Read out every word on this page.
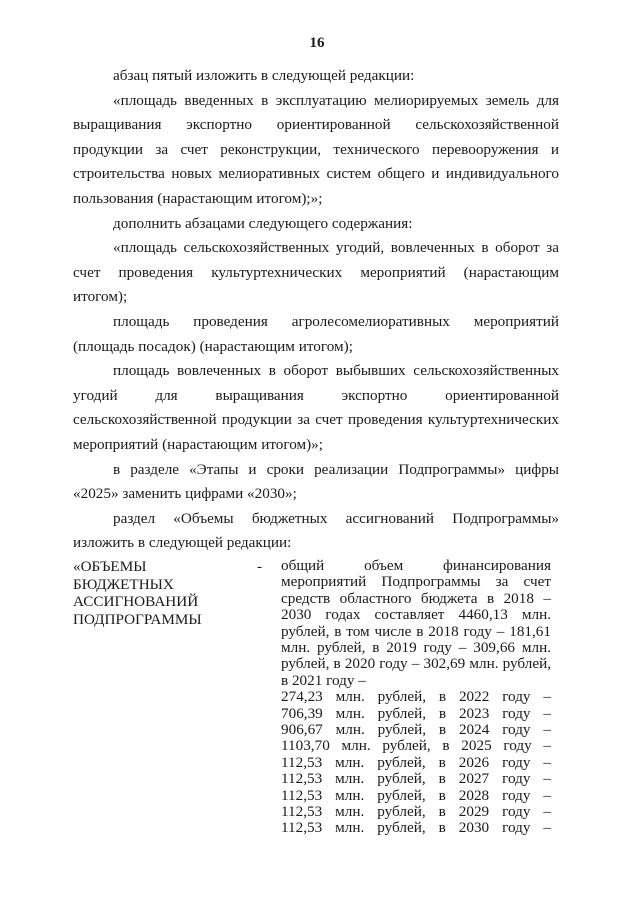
16

абзац пятый изложить в следующей редакции:

«площадь введенных в эксплуатацию мелиорируемых земель для выращивания экспортно ориентированной сельскохозяйственной продукции за счет реконструкции, технического перевооружения и строительства новых мелиоративных систем общего и индивидуального пользования (нарастающим итогом);»;

дополнить абзацами следующего содержания:

«площадь сельскохозяйственных угодий, вовлеченных в оборот за счет проведения культуртехнических мероприятий (нарастающим итогом);

площадь проведения агролесомелиоративных мероприятий (площадь посадок) (нарастающим итогом);

площадь вовлеченных в оборот выбывших сельскохозяйственных угодий для выращивания экспортно ориентированной сельскохозяйственной продукции за счет проведения культуртехнических мероприятий (нарастающим итогом)»;

в разделе «Этапы и сроки реализации Подпрограммы» цифры «2025» заменить цифрами «2030»;

раздел «Объемы бюджетных ассигнований Подпрограммы» изложить в следующей редакции:

«ОБЪЕМЫ
БЮДЖЕТНЫХ
АССИГНОВАНИЙ
ПОДПРОГРАММЫ
- общий объем финансирования мероприятий Подпрограммы за счет средств областного бюджета в 2018 – 2030 годах составляет 4460,13 млн. рублей, в том числе в 2018 году – 181,61 млн. рублей, в 2019 году – 309,66 млн. рублей, в 2020 году – 302,69 млн. рублей, в 2021 году –
274,23 млн. рублей, в 2022 году –
706,39 млн. рублей, в 2023 году –
906,67 млн. рублей, в 2024 году –
1103,70 млн. рублей, в 2025 году –
112,53 млн. рублей, в 2026 году –
112,53 млн. рублей, в 2027 году –
112,53 млн. рублей, в 2028 году –
112,53 млн. рублей, в 2029 году –
112,53 млн. рублей, в 2030 году –
